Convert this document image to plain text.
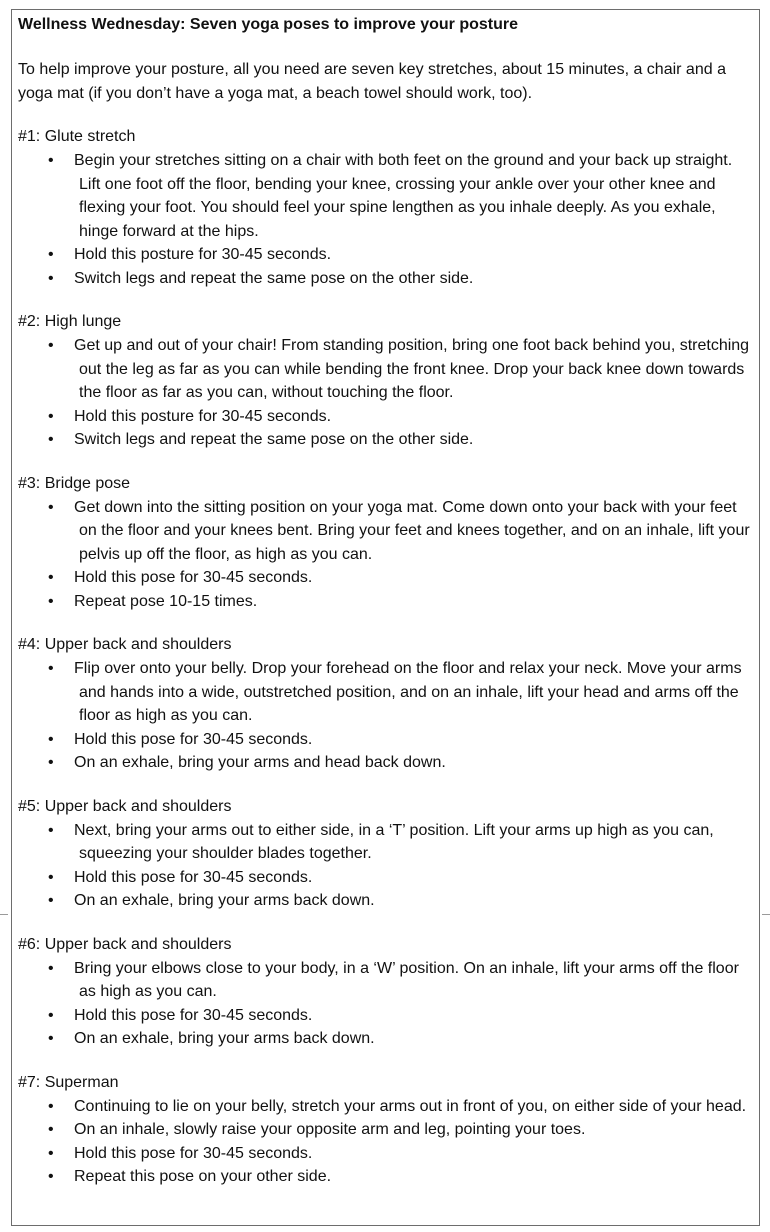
Wellness Wednesday: Seven yoga poses to improve your posture

To help improve your posture, all you need are seven key stretches, about 15 minutes, a chair and a yoga mat (if you don’t have a yoga mat, a beach towel should work, too).

#1: Glute stretch
• Begin your stretches sitting on a chair with both feet on the ground and your back up straight. Lift one foot off the floor, bending your knee, crossing your ankle over your other knee and flexing your foot. You should feel your spine lengthen as you inhale deeply. As you exhale, hinge forward at the hips.
• Hold this posture for 30-45 seconds.
• Switch legs and repeat the same pose on the other side.
#2: High lunge
• Get up and out of your chair! From standing position, bring one foot back behind you, stretching out the leg as far as you can while bending the front knee. Drop your back knee down towards the floor as far as you can, without touching the floor.
• Hold this posture for 30-45 seconds.
• Switch legs and repeat the same pose on the other side.
#3: Bridge pose
• Get down into the sitting position on your yoga mat. Come down onto your back with your feet on the floor and your knees bent. Bring your feet and knees together, and on an inhale, lift your pelvis up off the floor, as high as you can.
• Hold this pose for 30-45 seconds.
• Repeat pose 10-15 times.
#4: Upper back and shoulders
• Flip over onto your belly. Drop your forehead on the floor and relax your neck. Move your arms and hands into a wide, outstretched position, and on an inhale, lift your head and arms off the floor as high as you can.
• Hold this pose for 30-45 seconds.
• On an exhale, bring your arms and head back down.
#5: Upper back and shoulders
• Next, bring your arms out to either side, in a ‘T’ position. Lift your arms up high as you can, squeezing your shoulder blades together.
• Hold this pose for 30-45 seconds.
• On an exhale, bring your arms back down.
#6: Upper back and shoulders
• Bring your elbows close to your body, in a ‘W’ position. On an inhale, lift your arms off the floor as high as you can.
• Hold this pose for 30-45 seconds.
• On an exhale, bring your arms back down.
#7: Superman
• Continuing to lie on your belly, stretch your arms out in front of you, on either side of your head.
• On an inhale, slowly raise your opposite arm and leg, pointing your toes.
• Hold this pose for 30-45 seconds.
• Repeat this pose on your other side.
